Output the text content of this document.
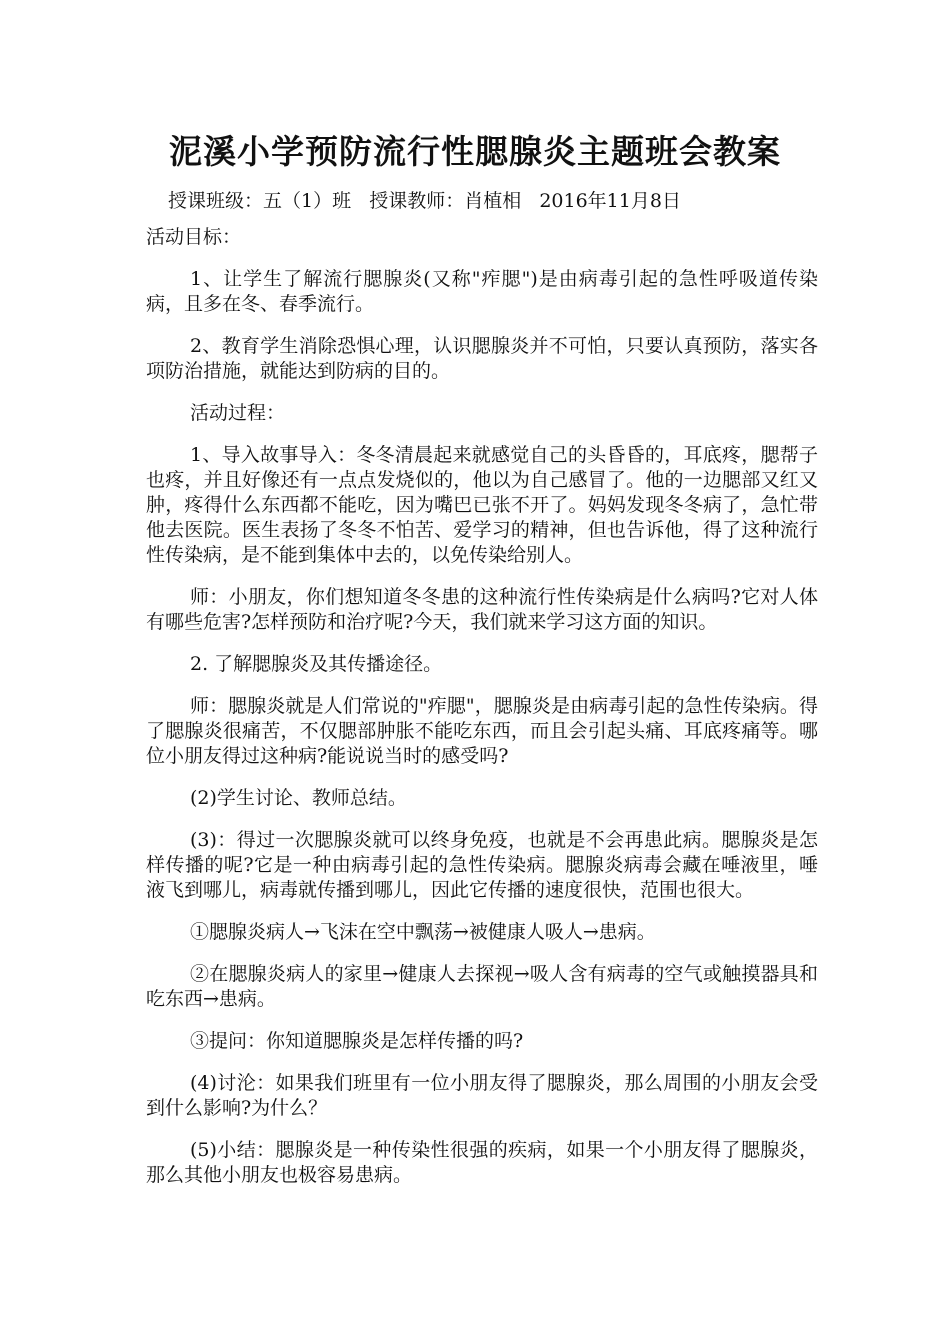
泥溪小学预防流行性腮腺炎主题班会教案
授课班级：五（1）班   授课教师：肖植相   2016年11月8日

活动目标：

1、让学生了解流行腮腺炎(又称"痄腮")是由病毒引起的急性呼吸道传染病，且多在冬、春季流行。

2、教育学生消除恐惧心理，认识腮腺炎并不可怕，只要认真预防，落实各项防治措施，就能达到防病的目的。

活动过程：

1、导入故事导入：冬冬清晨起来就感觉自己的头昏昏的，耳底疼，腮帮子也疼，并且好像还有一点点发烧似的，他以为自己感冒了。他的一边腮部又红又肿，疼得什么东西都不能吃，因为嘴巴已张不开了。妈妈发现冬冬病了，急忙带他去医院。医生表扬了冬冬不怕苦、爱学习的精神，但也告诉他，得了这种流行性传染病，是不能到集体中去的，以免传染给别人。

师：小朋友，你们想知道冬冬患的这种流行性传染病是什么病吗?它对人体有哪些危害?怎样预防和治疗呢?今天，我们就来学习这方面的知识。

2. 了解腮腺炎及其传播途径。

师：腮腺炎就是人们常说的"痄腮"，腮腺炎是由病毒引起的急性传染病。得了腮腺炎很痛苦，不仅腮部肿胀不能吃东西，而且会引起头痛、耳底疼痛等。哪位小朋友得过这种病?能说说当时的感受吗?

(2)学生讨论、教师总结。

(3)：得过一次腮腺炎就可以终身免疫，也就是不会再患此病。腮腺炎是怎样传播的呢?它是一种由病毒引起的急性传染病。腮腺炎病毒会藏在唾液里，唾液飞到哪儿，病毒就传播到哪儿，因此它传播的速度很快，范围也很大。

①腮腺炎病人→飞沫在空中飘荡→被健康人吸人→患病。

②在腮腺炎病人的家里→健康人去探视→吸人含有病毒的空气或触摸器具和吃东西→患病。

③提问：你知道腮腺炎是怎样传播的吗?

(4)讨沦：如果我们班里有一位小朋友得了腮腺炎，那么周围的小朋友会受到什么影响?为什么？

(5)小结：腮腺炎是一种传染性很强的疾病，如果一个小朋友得了腮腺炎，那么其他小朋友也极容易患病。
